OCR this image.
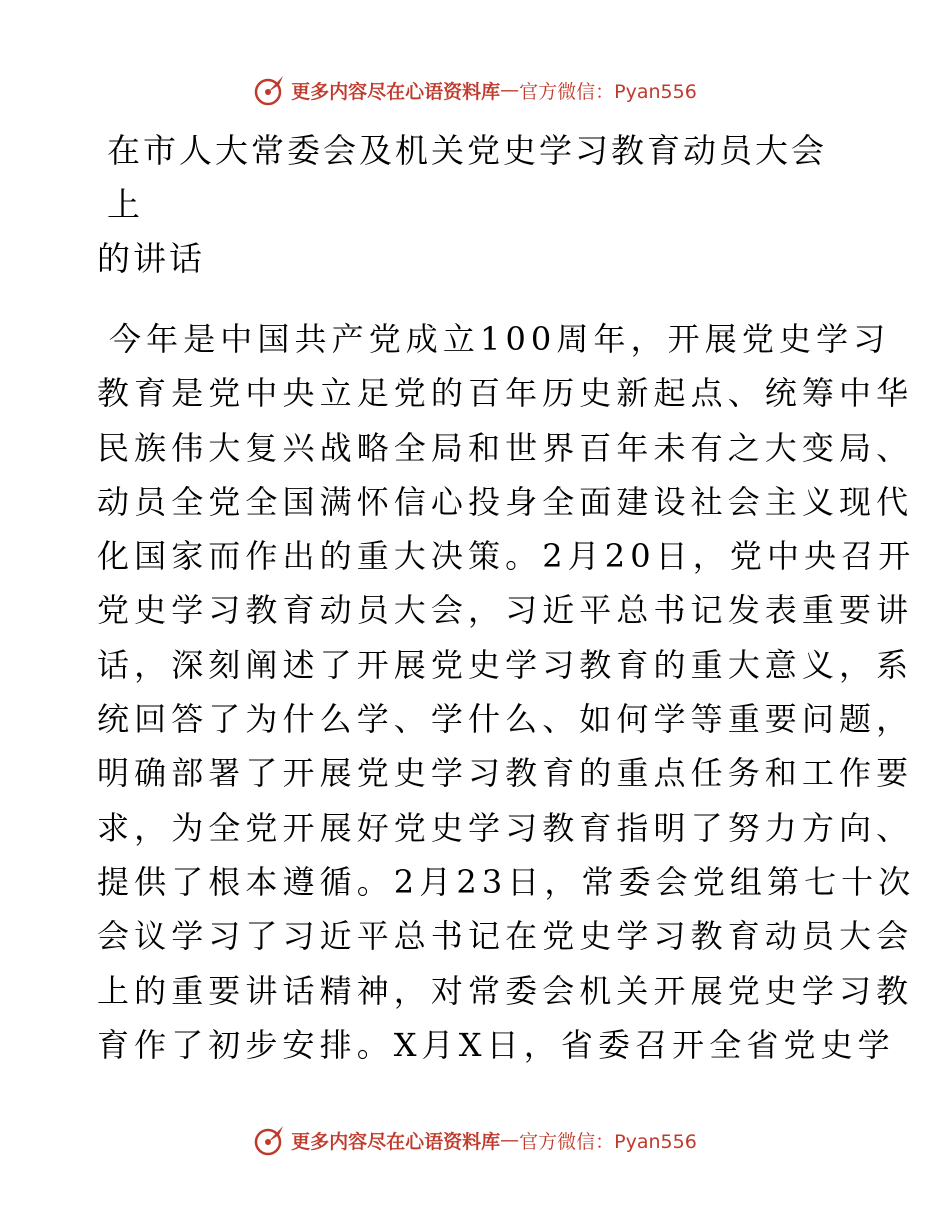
更多内容尽在心语资料库 — 官方微信：Pyan556
在市人大常委会及机关党史学习教育动员大会上
的讲话
今年是中国共产党成立100周年，开展党史学习
教育是党中央立足党的百年历史新起点、统筹中华
民族伟大复兴战略全局和世界百年未有之大变局、
动员全党全国满怀信心投身全面建设社会主义现代
化国家而作出的重大决策。2月20日，党中央召开
党史学习教育动员大会，习近平总书记发表重要讲
话，深刻阐述了开展党史学习教育的重大意义，系
统回答了为什么学、学什么、如何学等重要问题，
明确部署了开展党史学习教育的重点任务和工作要
求，为全党开展好党史学习教育指明了努力方向、
提供了根本遵循。2月23日，常委会党组第七十次
会议学习了习近平总书记在党史学习教育动员大会
上的重要讲话精神，对常委会机关开展党史学习教
育作了初步安排。X月X日，省委召开全省党史学
更多内容尽在心语资料库 — 官方微信：Pyan556
